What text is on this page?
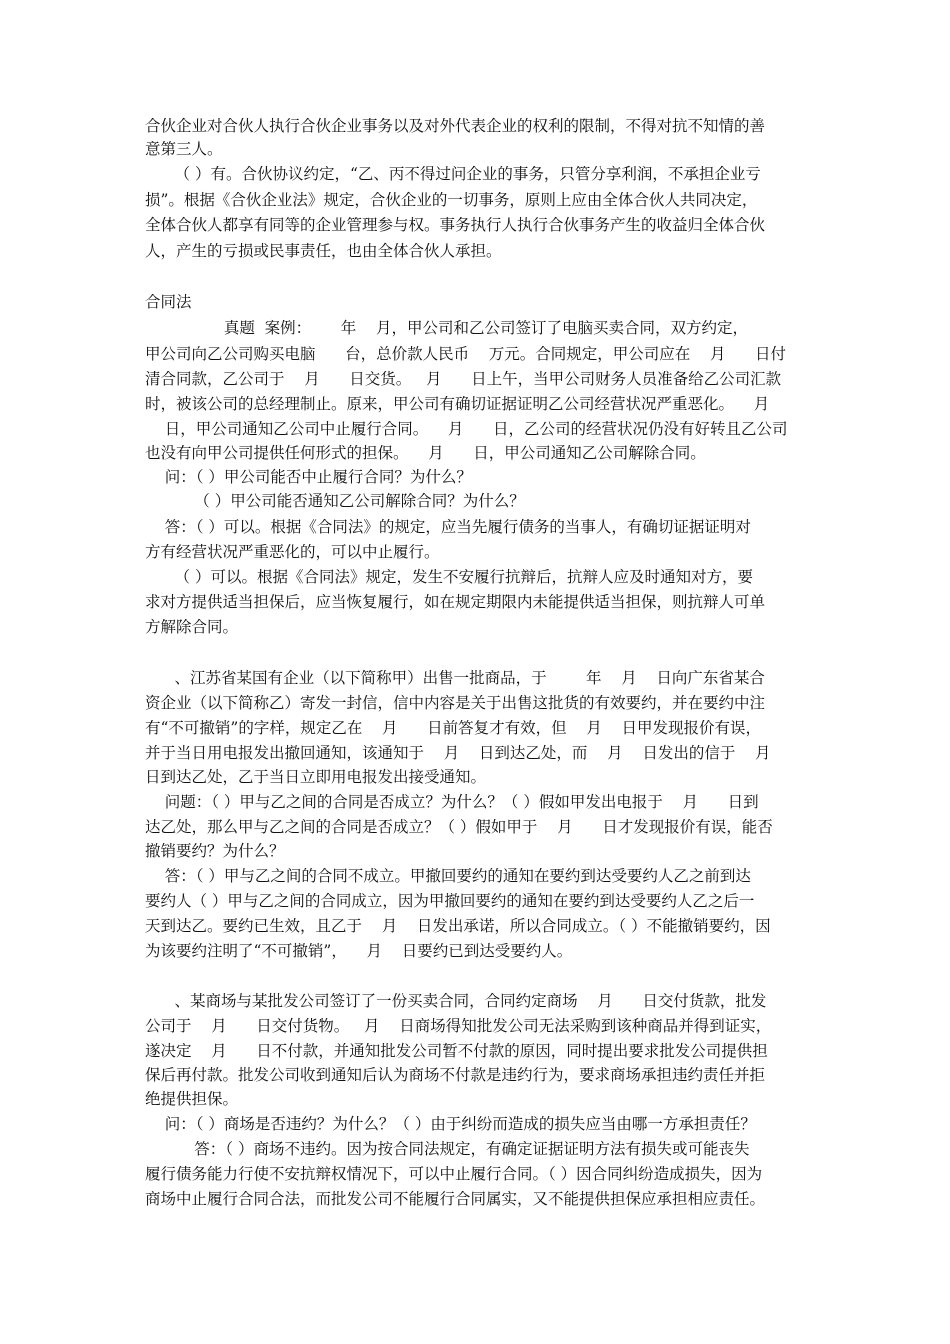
合伙企业对合伙人执行合伙企业事务以及对外代表企业的权利的限制，不得对抗不知情的善
意第三人。
（ ）有。合伙协议约定，“乙、丙不得过问企业的事务，只管分享利润，不承担企业亏
损”。根据《合伙企业法》规定，合伙企业的一切事务，原则上应由全体合伙人共同决定，
全体合伙人都享有同等的企业管理参与权。事务执行人执行合伙事务产生的收益归全体合伙
人，产生的亏损或民事责任，也由全体合伙人承担。
合同法
真题  案例：      年    月，甲公司和乙公司签订了电脑买卖合同，双方约定，
甲公司向乙公司购买电脑      台，总价款人民币    万元。合同规定，甲公司应在    月      日付
清合同款，乙公司于    月      日交货。   月      日上午，当甲公司财务人员准备给乙公司汇款
时，被该公司的总经理制止。原来，甲公司有确切证据证明乙公司经营状况严重恶化。    月
日，甲公司通知乙公司中止履行合同。    月      日，乙公司的经营状况仍没有好转且乙公司
也没有向甲公司提供任何形式的担保。    月      日，甲公司通知乙公司解除合同。
问：（ ）甲公司能否中止履行合同？为什么？
（ ）甲公司能否通知乙公司解除合同？为什么？
答：（ ）可以。根据《合同法》的规定，应当先履行债务的当事人，有确切证据证明对
方有经营状况严重恶化的，可以中止履行。
（ ）可以。根据《合同法》规定，发生不安履行抗辩后，抗辩人应及时通知对方，要
求对方提供适当担保后，应当恢复履行，如在规定期限内未能提供适当担保，则抗辩人可单
方解除合同。
、江苏省某国有企业（以下简称甲）出售一批商品，于        年    月    日向广东省某合
资企业（以下简称乙）寄发一封信，信中内容是关于出售这批货的有效要约，并在要约中注
有“不可撤销”的字样，规定乙在    月      日前答复才有效，但    月    日甲发现报价有误，
并于当日用电报发出撤回通知，该通知于    月    日到达乙处，而    月    日发出的信于    月
日到达乙处，乙于当日立即用电报发出接受通知。
问题：（ ）甲与乙之间的合同是否成立？为什么？（ ）假如甲发出电报于    月      日到
达乙处，那么甲与乙之间的合同是否成立？（ ）假如甲于    月      日才发现报价有误，能否
撤销要约？为什么？
答：（ ）甲与乙之间的合同不成立。甲撤回要约的通知在要约到达受要约人乙之前到达
要约人（ ）甲与乙之间的合同成立，因为甲撤回要约的通知在要约到达受要约人乙之后一
天到达乙。要约已生效，且乙于    月    日发出承诺，所以合同成立。（ ）不能撤销要约，因
为该要约注明了“不可撤销”，    月    日要约已到达受要约人。
、某商场与某批发公司签订了一份买卖合同，合同约定商场    月      日交付货款，批发
公司于    月      日交付货物。   月    日商场得知批发公司无法采购到该种商品并得到证实，
遂决定    月      日不付款，并通知批发公司暂不付款的原因，同时提出要求批发公司提供担
保后再付款。批发公司收到通知后认为商场不付款是违约行为，要求商场承担违约责任并拒
绝提供担保。
问：（ ）商场是否违约？为什么？（ ）由于纠纷而造成的损失应当由哪一方承担责任？
答：（ ）商场不违约。因为按合同法规定，有确定证据证明方法有损失或可能丧失
履行债务能力行使不安抗辩权情况下，可以中止履行合同。（ ）因合同纠纷造成损失，因为
商场中止履行合同合法，而批发公司不能履行合同属实，又不能提供担保应承担相应责任。
